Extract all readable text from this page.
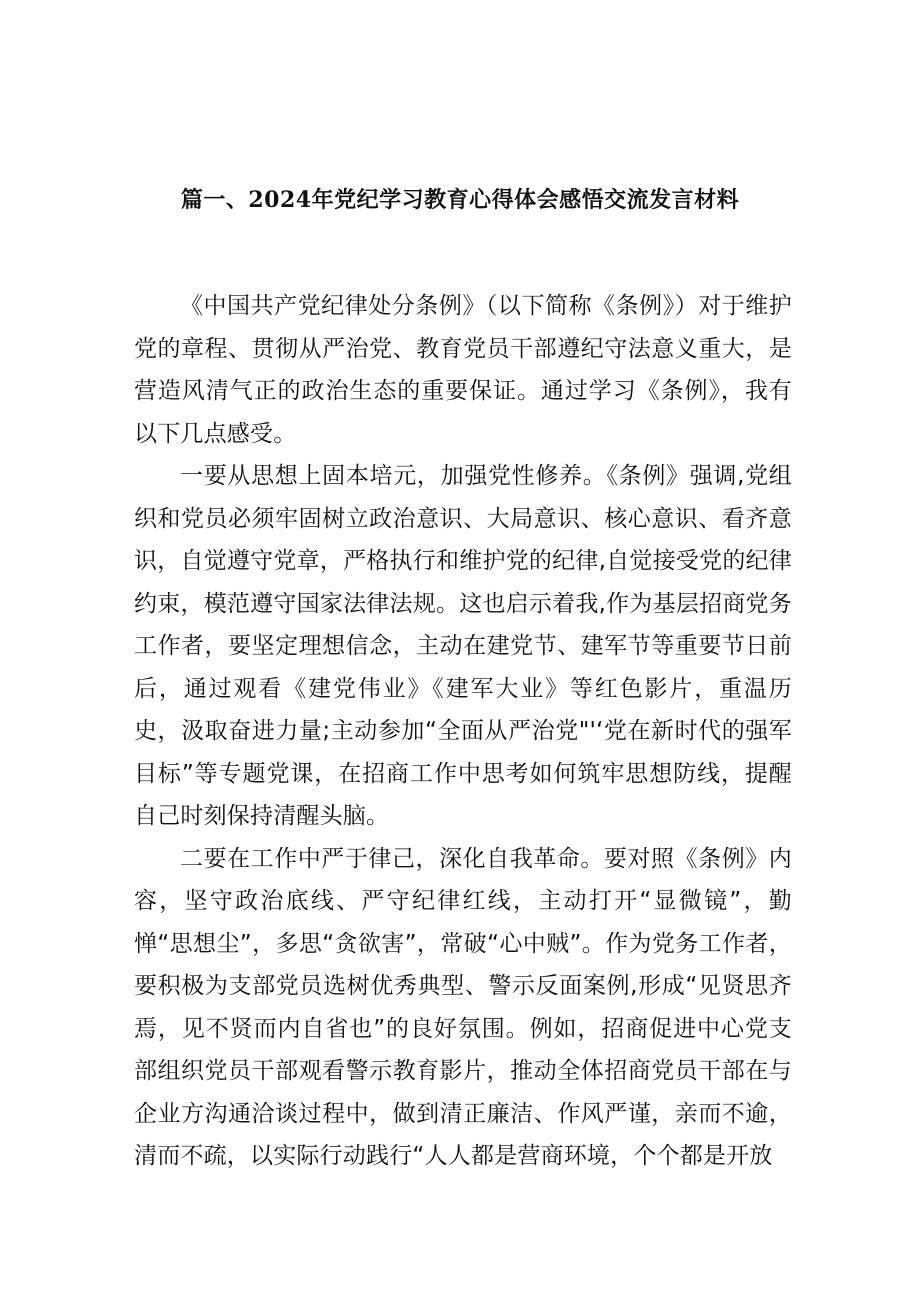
篇一、2024年党纪学习教育心得体会感悟交流发言材料

《中国共产党纪律处分条例》（以下简称《条例》）对于维护党的章程、贯彻从严治党、教育党员干部遵纪守法意义重大，是营造风清气正的政治生态的重要保证。通过学习《条例》，我有以下几点感受。

一要从思想上固本培元，加强党性修养。《条例》强调,党组织和党员必须牢固树立政治意识、大局意识、核心意识、看齐意识，自觉遵守党章，严格执行和维护党的纪律,自觉接受党的纪律约束，模范遵守国家法律法规。这也启示着我,作为基层招商党务工作者，要坚定理想信念，主动在建党节、建军节等重要节日前后，通过观看《建党伟业》《建军大业》等红色影片，重温历史，汲取奋进力量;主动参加“全面从严治党"'‘党在新时代的强军目标”等专题党课，在招商工作中思考如何筑牢思想防线，提醒自己时刻保持清醒头脑。

二要在工作中严于律己，深化自我革命。要对照《条例》内容，坚守政治底线、严守纪律红线，主动打开“显微镜”，勤惮“思想尘”，多思“贪欲害”，常破“心中贼”。作为党务工作者，要积极为支部党员选树优秀典型、警示反面案例,形成“见贤思齐焉，见不贤而内自省也”的良好氛围。例如，招商促进中心党支部组织党员干部观看警示教育影片，推动全体招商党员干部在与企业方沟通洽谈过程中，做到清正廉洁、作风严谨，亲而不逾，清而不疏，以实际行动践行“人人都是营商环境，个个都是开放
